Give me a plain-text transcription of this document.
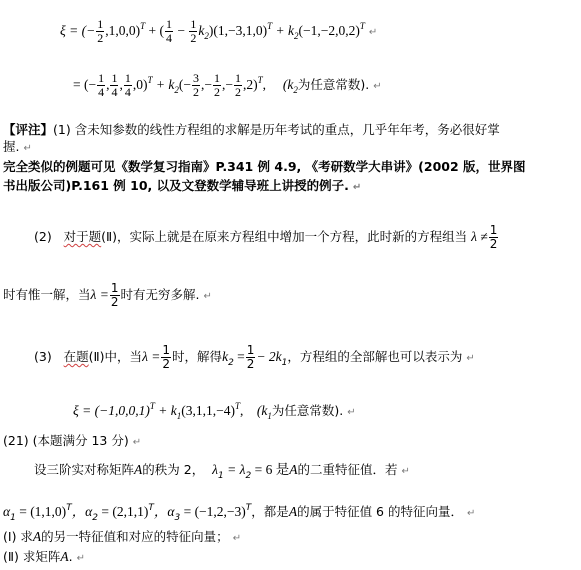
ξ = (− $\frac{1}{2} ,1,0,0)^T$ + ( $\frac{1}{4} - \frac{1}{2} k_2)(1,-3,1,0)^T$ + $k_2(-1,-2,0,2)^T↵$
= (− $\frac{1}{4}$ , $\frac{1}{4}$ , $\frac{1}{4} ,0)^T + k_2(- \frac{3}{2}$ ,− $\frac{1}{2}$ ,− $\frac{1}{2} ,2)^T$,     ($k_2$为任意常数). ↵
【评注】(1) 含未知参数的线性方程组的求解是历年考试的重点，几乎年年考，务必很好掌
握. ↵
完全类似的例题可见《数学复习指南》P.341 例 4.9, 《考研数学大串讲》(2002 版，世界图
书出版公司)P.161 例 10, 以及文登数学辅导班上讲授的例子. ↵
(2) 对于题(Ⅱ)，实际上就是在原来方程组中增加一个方程，此时新的方程组当 $\lambda \ne \frac{1}{2}$
时有惟一解，当$\lambda = \frac{1}{2}$ 时有无穷多解. ↵
(3) 在题(Ⅱ)中，当$\lambda = \frac{1}{2}$ 时，解得$k_2 = \frac{1}{2} - 2k_1$，方程组的全部解也可以表示为 ↵
$\xi = (-1,0,0,1)^T + k_1(3,1,1,-4)^T$,    ($k_1$为任意常数). ↵
(21) (本题满分 13 分) ↵
设三阶实对称矩阵A的秩为 2， $\lambda_1 = \lambda_2 = 6$ 是A的二重特征值．若 ↵
$\alpha_1 = (1,1,0)^T$，$\alpha_2 = (2,1,1)^T$，$\alpha_3 = (-1,2,-3)^T$，都是A的属于特征值 6 的特征向量． ↵
(Ⅰ) 求A的另一特征值和对应的特征向量； ↵
(Ⅱ) 求矩阵A. ↵
